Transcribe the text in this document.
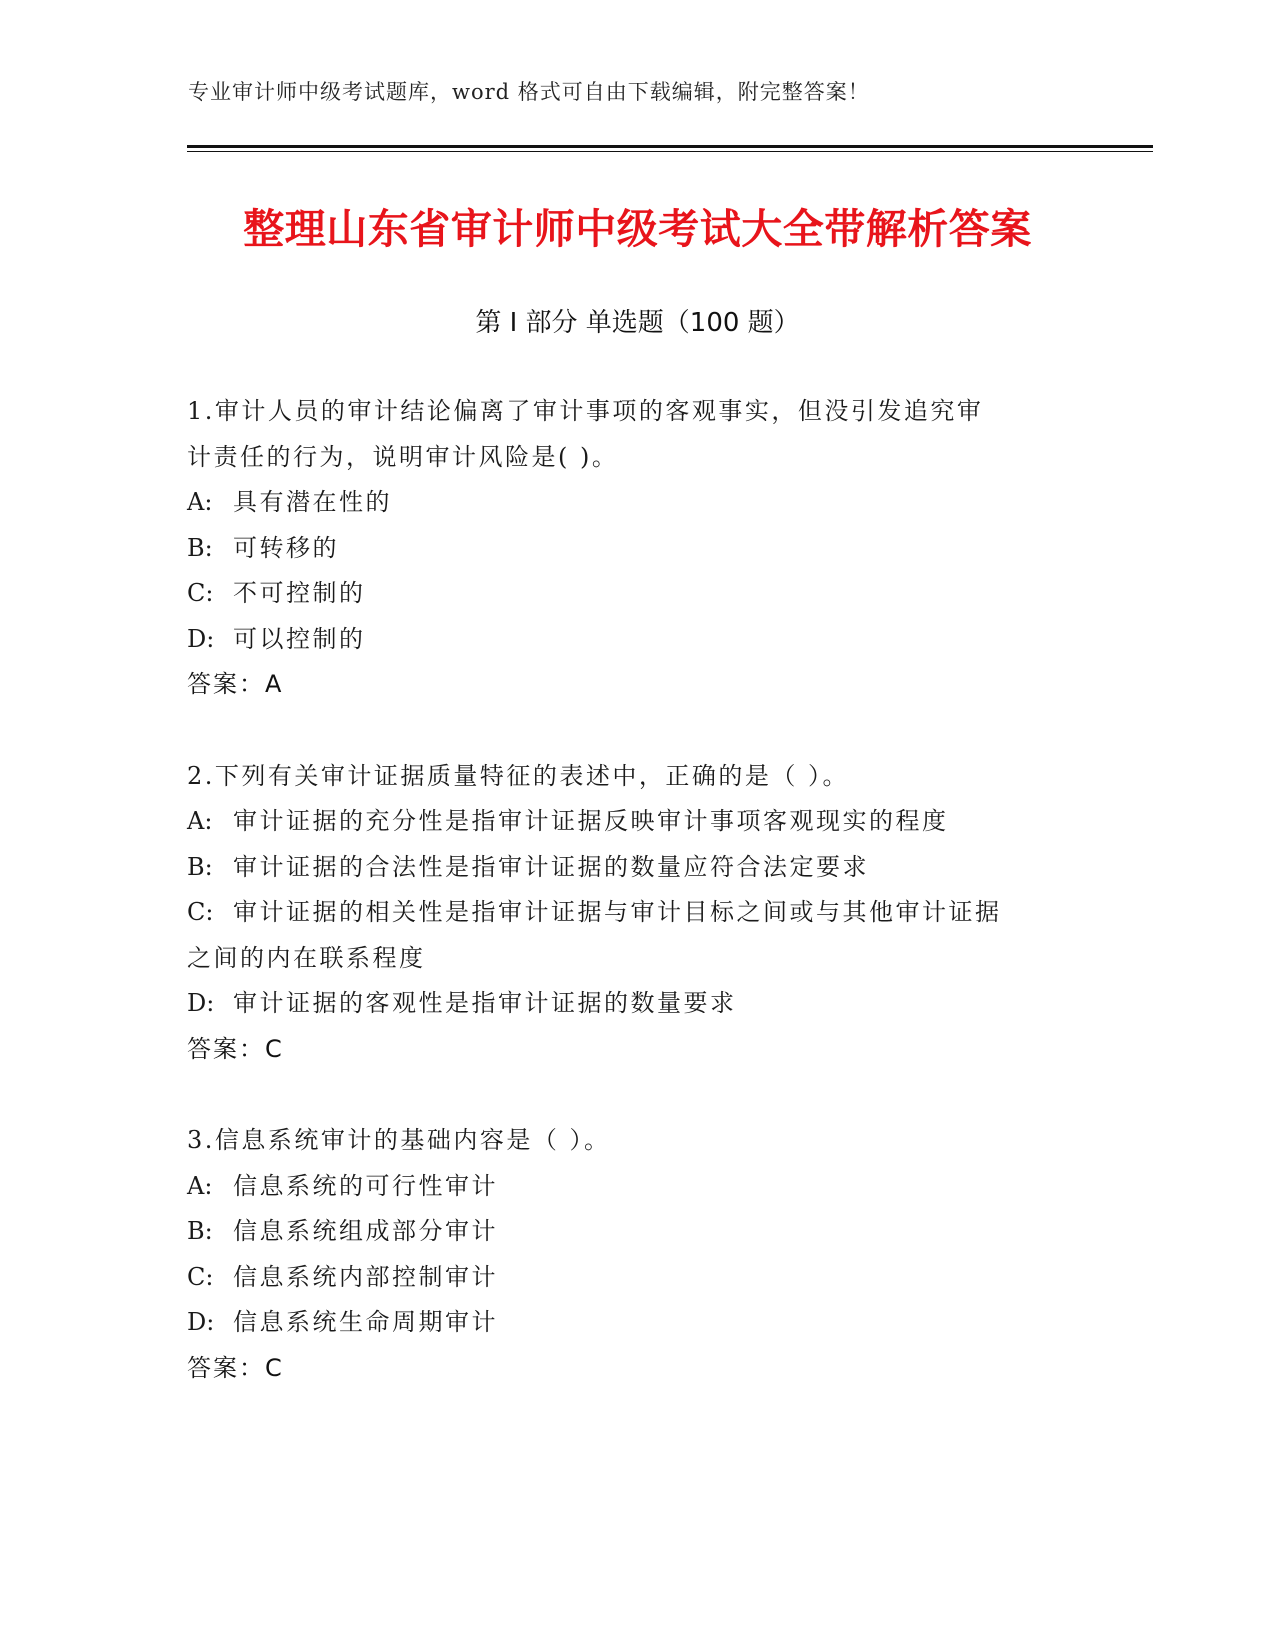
专业审计师中级考试题库，word 格式可自由下载编辑，附完整答案！
整理山东省审计师中级考试大全带解析答案
第 I 部分 单选题（100 题）
1.审计人员的审计结论偏离了审计事项的客观事实，但没引发追究审
计责任的行为，说明审计风险是( )。
A: 具有潜在性的
B: 可转移的
C: 不可控制的
D: 可以控制的
答案：A
2.下列有关审计证据质量特征的表述中，正确的是（ ）。
A: 审计证据的充分性是指审计证据反映审计事项客观现实的程度
B: 审计证据的合法性是指审计证据的数量应符合法定要求
C: 审计证据的相关性是指审计证据与审计目标之间或与其他审计证据
之间的内在联系程度
D: 审计证据的客观性是指审计证据的数量要求
答案：C
3.信息系统审计的基础内容是（ ）。
A: 信息系统的可行性审计
B: 信息系统组成部分审计
C: 信息系统内部控制审计
D: 信息系统生命周期审计
答案：C
